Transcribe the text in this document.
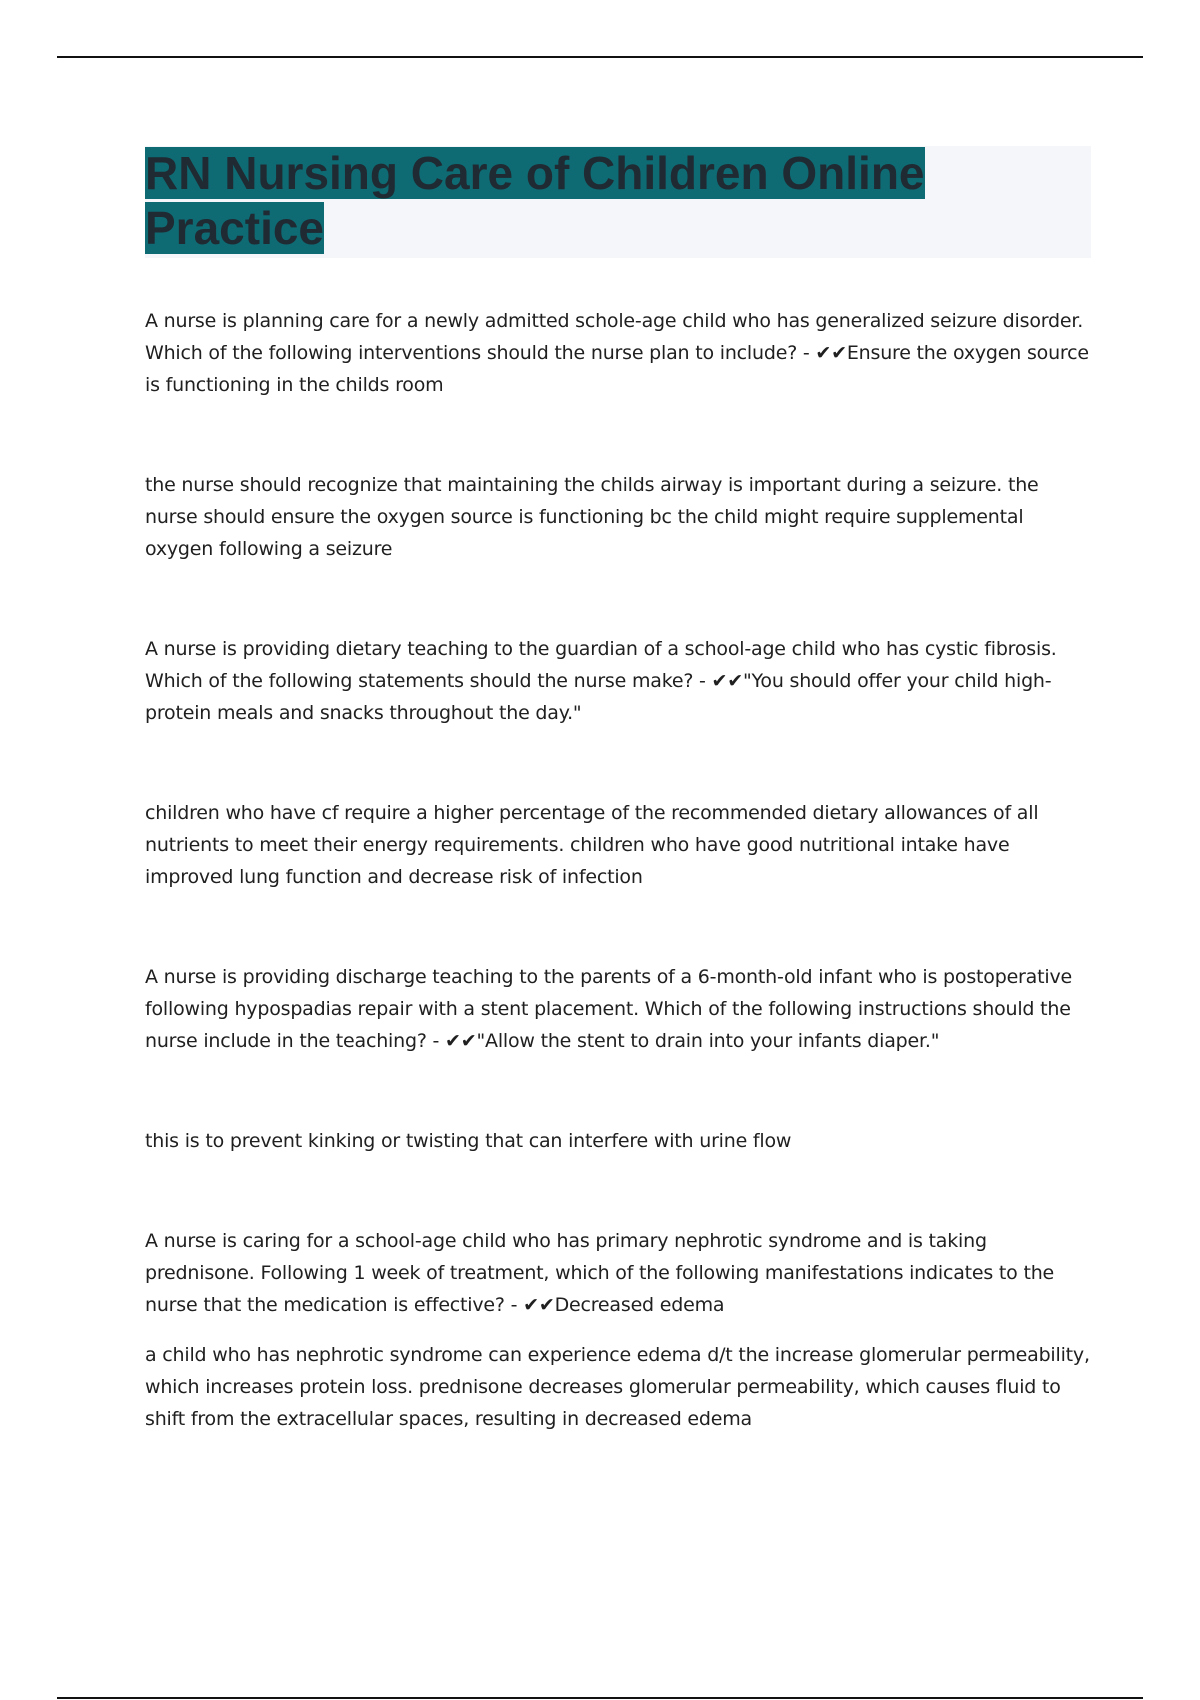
RN Nursing Care of Children Online Practice

A nurse is planning care for a newly admitted schole-age child who has generalized seizure disorder. Which of the following interventions should the nurse plan to include? - ✔✔Ensure the oxygen source is functioning in the childs room

the nurse should recognize that maintaining the childs airway is important during a seizure. the nurse should ensure the oxygen source is functioning bc the child might require supplemental oxygen following a seizure

A nurse is providing dietary teaching to the guardian of a school-age child who has cystic fibrosis. Which of the following statements should the nurse make? - ✔✔"You should offer your child high-protein meals and snacks throughout the day."

children who have cf require a higher percentage of the recommended dietary allowances of all nutrients to meet their energy requirements. children who have good nutritional intake have improved lung function and decrease risk of infection

A nurse is providing discharge teaching to the parents of a 6-month-old infant who is postoperative following hypospadias repair with a stent placement. Which of the following instructions should the nurse include in the teaching? - ✔✔"Allow the stent to drain into your infants diaper."

this is to prevent kinking or twisting that can interfere with urine flow

A nurse is caring for a school-age child who has primary nephrotic syndrome and is taking prednisone. Following 1 week of treatment, which of the following manifestations indicates to the nurse that the medication is effective? - ✔✔Decreased edema

a child who has nephrotic syndrome can experience edema d/t the increase glomerular permeability, which increases protein loss. prednisone decreases glomerular permeability, which causes fluid to shift from the extracellular spaces, resulting in decreased edema
